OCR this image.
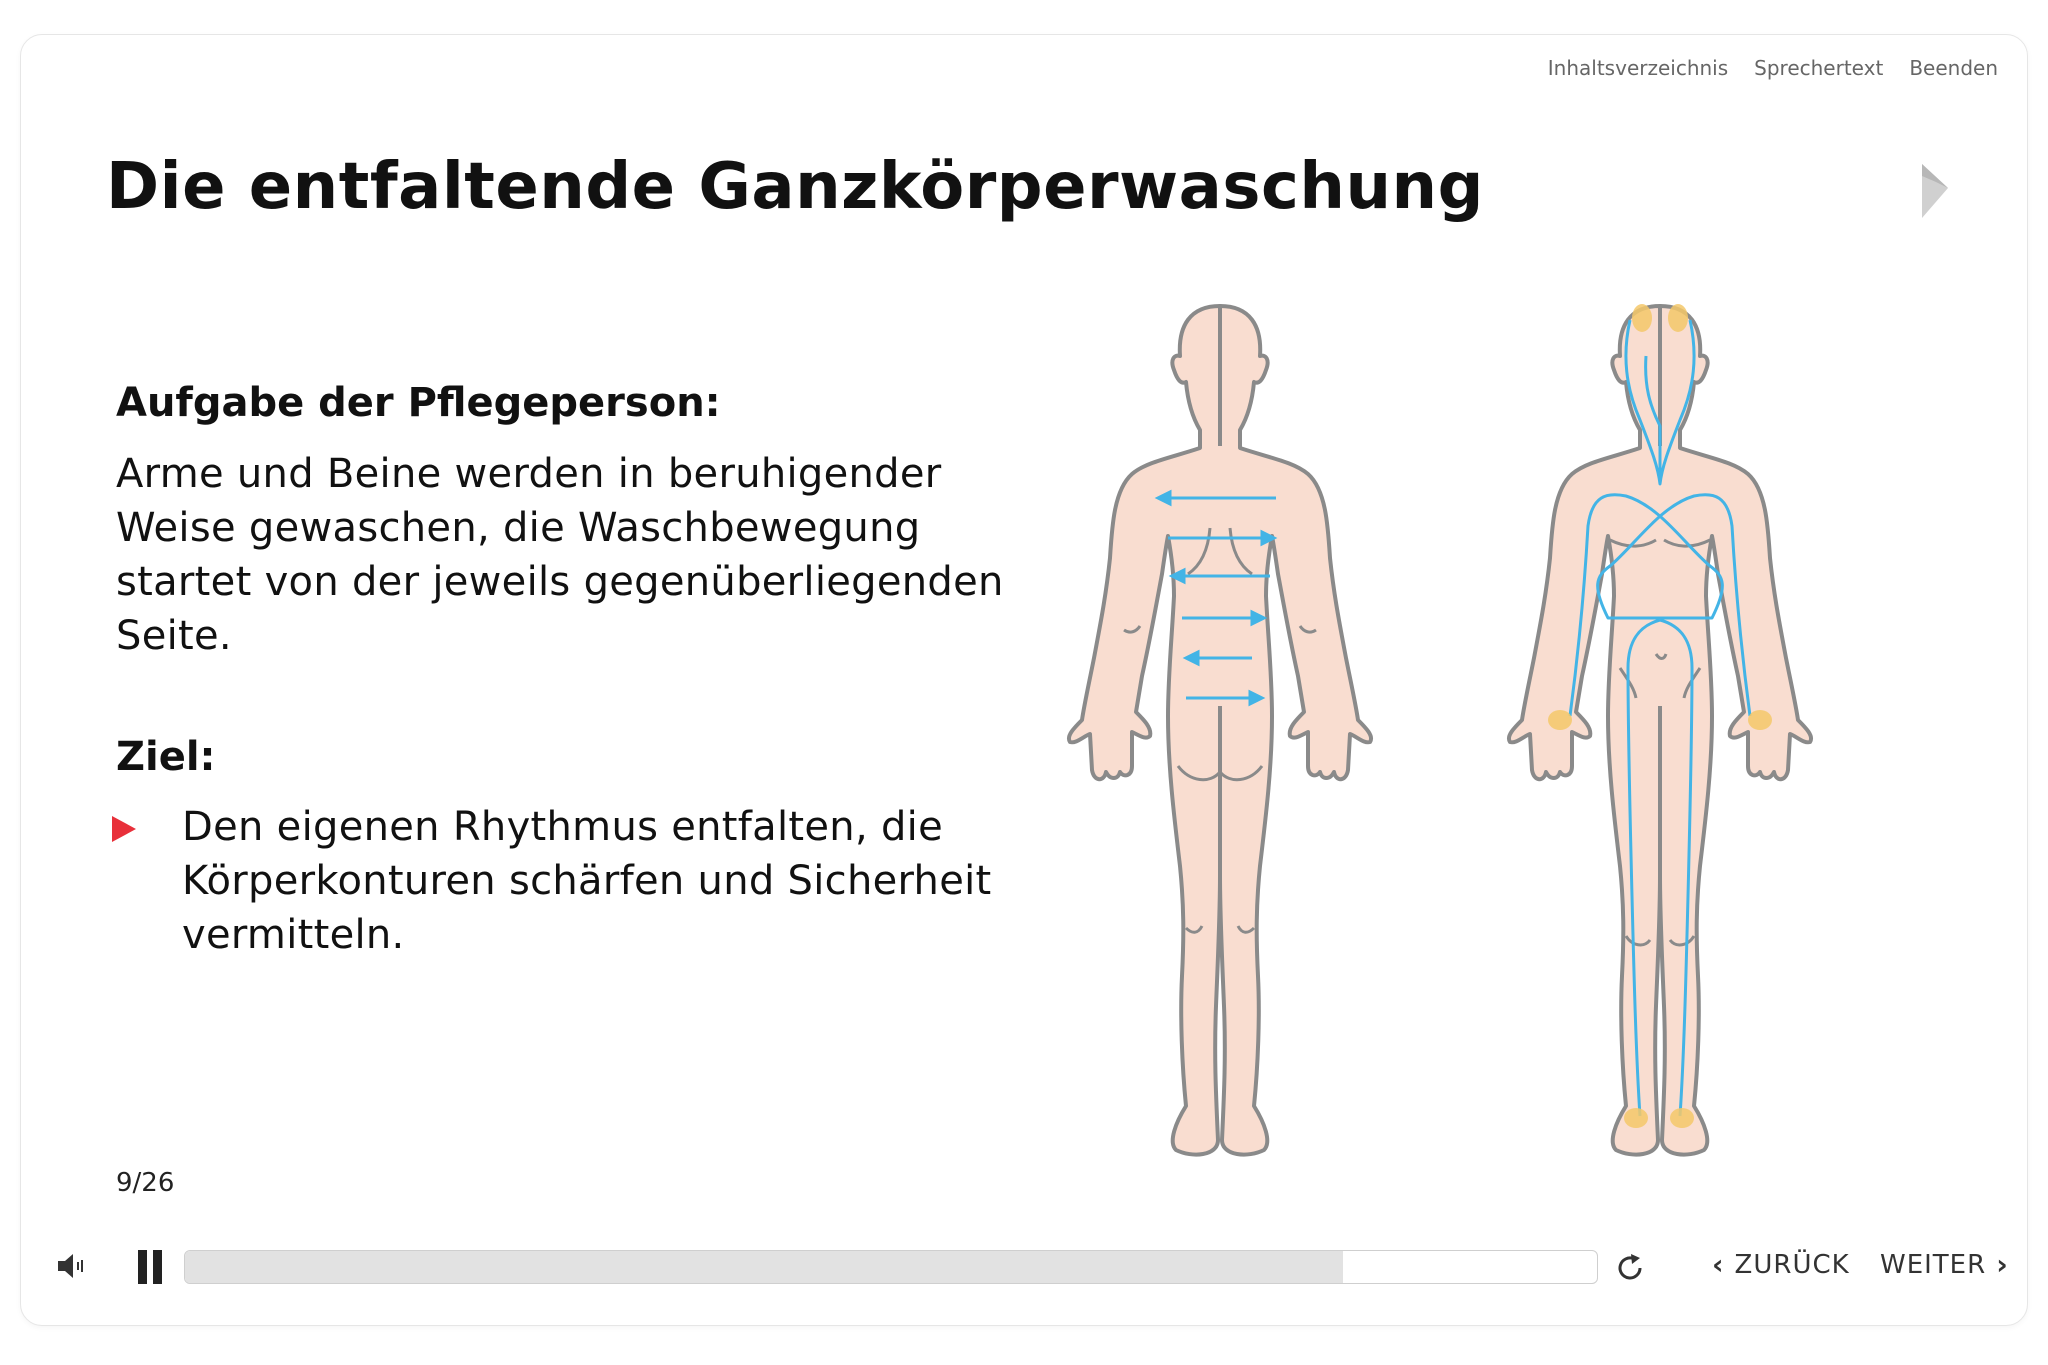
Inhaltsverzeichnis Sprechertext Beenden
Die entfaltende Ganzkörperwaschung
Aufgabe der Pflegeperson:

Arme und Beine werden in beruhigender Weise gewaschen, die Waschbewegung startet von der jeweils gegenüberliegenden Seite.

Ziel:
Den eigenen Rhythmus entfalten, die Körperkonturen schärfen und Sicherheit vermitteln.
9/26
‹ ZURÜCK WEITER ›
